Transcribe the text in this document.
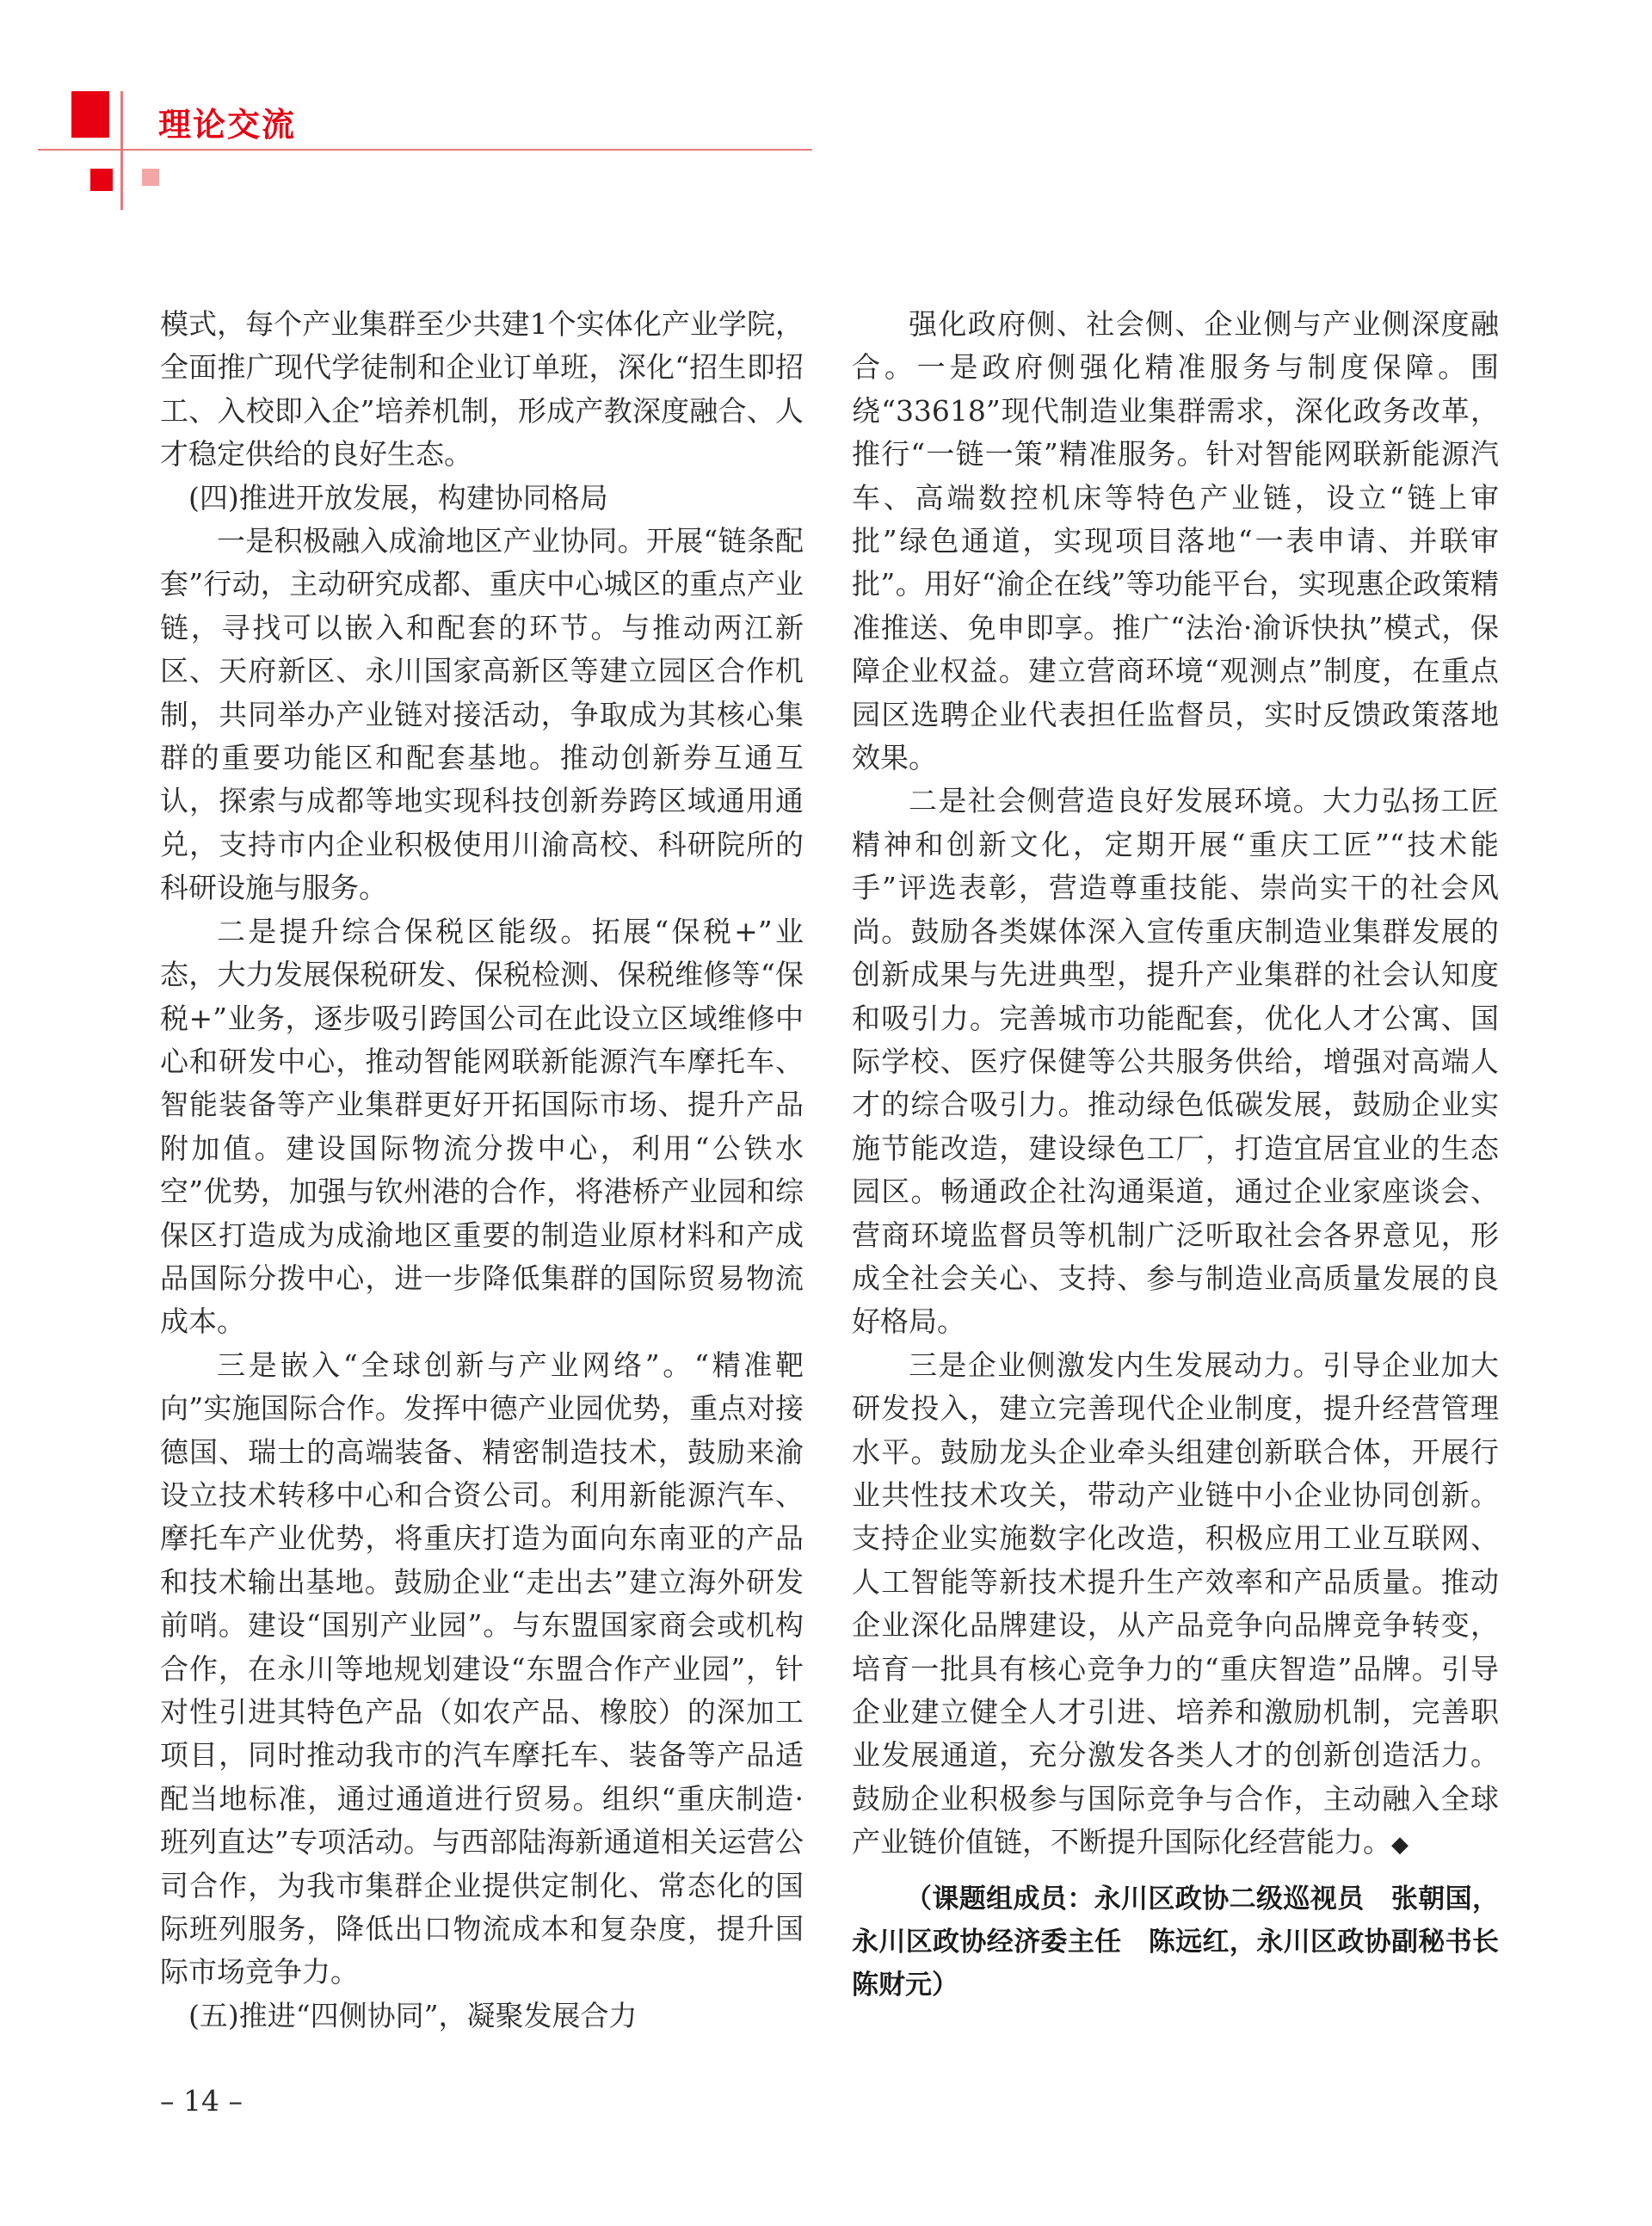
理论交流

模式，每个产业集群至少共建1个实体化产业学院，全面推广现代学徒制和企业订单班，深化“招生即招工、入校即入企”培养机制，形成产教深度融合、人才稳定供给的良好生态。

(四)推进开放发展，构建协同格局

一是积极融入成渝地区产业协同。开展“链条配套”行动，主动研究成都、重庆中心城区的重点产业链，寻找可以嵌入和配套的环节。与推动两江新区、天府新区、永川国家高新区等建立园区合作机制，共同举办产业链对接活动，争取成为其核心集群的重要功能区和配套基地。推动创新券互通互认，探索与成都等地实现科技创新券跨区域通用通兑，支持市内企业积极使用川渝高校、科研院所的科研设施与服务。

二是提升综合保税区能级。拓展“保税+”业态，大力发展保税研发、保税检测、保税维修等“保税+”业务，逐步吸引跨国公司在此设立区域维修中心和研发中心，推动智能网联新能源汽车摩托车、智能装备等产业集群更好开拓国际市场、提升产品附加值。建设国际物流分拨中心，利用“公铁水空”优势，加强与钦州港的合作，将港桥产业园和综保区打造成为成渝地区重要的制造业原材料和产成品国际分拨中心，进一步降低集群的国际贸易物流成本。

三是嵌入“全球创新与产业网络”。“精准靶向”实施国际合作。发挥中德产业园优势，重点对接德国、瑞士的高端装备、精密制造技术，鼓励来渝设立技术转移中心和合资公司。利用新能源汽车、摩托车产业优势，将重庆打造为面向东南亚的产品和技术输出基地。鼓励企业“走出去”建立海外研发前哨。建设“国别产业园”。与东盟国家商会或机构合作，在永川等地规划建设“东盟合作产业园”，针对性引进其特色产品（如农产品、橡胶）的深加工项目，同时推动我市的汽车摩托车、装备等产品适配当地标准，通过通道进行贸易。组织“重庆制造·班列直达”专项活动。与西部陆海新通道相关运营公司合作，为我市集群企业提供定制化、常态化的国际班列服务，降低出口物流成本和复杂度，提升国际市场竞争力。

(五)推进“四侧协同”，凝聚发展合力

强化政府侧、社会侧、企业侧与产业侧深度融合。一是政府侧强化精准服务与制度保障。围绕“33618”现代制造业集群需求，深化政务改革，推行“一链一策”精准服务。针对智能网联新能源汽车、高端数控机床等特色产业链，设立“链上审批”绿色通道，实现项目落地“一表申请、并联审批”。用好“渝企在线”等功能平台，实现惠企政策精准推送、免申即享。推广“法治·渝诉快执”模式，保障企业权益。建立营商环境“观测点”制度，在重点园区选聘企业代表担任监督员，实时反馈政策落地效果。

二是社会侧营造良好发展环境。大力弘扬工匠精神和创新文化，定期开展“重庆工匠”“技术能手”评选表彰，营造尊重技能、崇尚实干的社会风尚。鼓励各类媒体深入宣传重庆制造业集群发展的创新成果与先进典型，提升产业集群的社会认知度和吸引力。完善城市功能配套，优化人才公寓、国际学校、医疗保健等公共服务供给，增强对高端人才的综合吸引力。推动绿色低碳发展，鼓励企业实施节能改造，建设绿色工厂，打造宜居宜业的生态园区。畅通政企社沟通渠道，通过企业家座谈会、营商环境监督员等机制广泛听取社会各界意见，形成全社会关心、支持、参与制造业高质量发展的良好格局。

三是企业侧激发内生发展动力。引导企业加大研发投入，建立完善现代企业制度，提升经营管理水平。鼓励龙头企业牵头组建创新联合体，开展行业共性技术攻关，带动产业链中小企业协同创新。支持企业实施数字化改造，积极应用工业互联网、人工智能等新技术提升生产效率和产品质量。推动企业深化品牌建设，从产品竞争向品牌竞争转变，培育一批具有核心竞争力的“重庆智造”品牌。引导企业建立健全人才引进、培养和激励机制，完善职业发展通道，充分激发各类人才的创新创造活力。鼓励企业积极参与国际竞争与合作，主动融入全球产业链价值链，不断提升国际化经营能力。◆

（课题组成员：永川区政协二级巡视员　张朝国，永川区政协经济委主任　陈远红，永川区政协副秘书长　陈财元）

– 14 –
